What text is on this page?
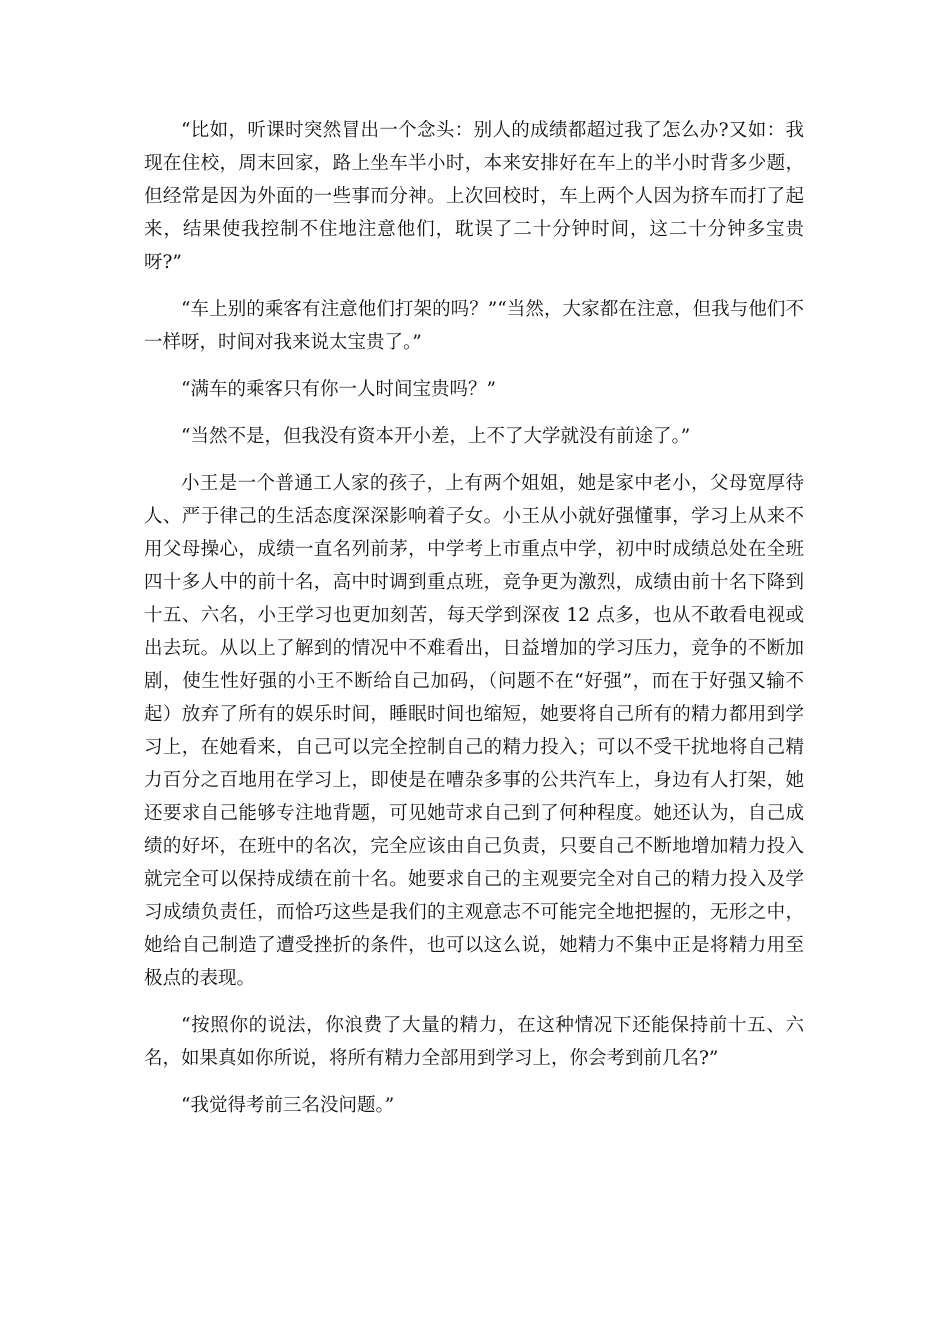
“比如，听课时突然冒出一个念头：别人的成绩都超过我了怎么办?又如：我现在住校，周末回家，路上坐车半小时，本来安排好在车上的半小时背多少题，但经常是因为外面的一些事而分神。上次回校时，车上两个人因为挤车而打了起来，结果使我控制不住地注意他们，耽误了二十分钟时间，这二十分钟多宝贵呀?”

“车上别的乘客有注意他们打架的吗？”“当然，大家都在注意，但我与他们不一样呀，时间对我来说太宝贵了。”

“满车的乘客只有你一人时间宝贵吗？”

“当然不是，但我没有资本开小差，上不了大学就没有前途了。”

小王是一个普通工人家的孩子，上有两个姐姐，她是家中老小，父母宽厚待人、严于律己的生活态度深深影响着子女。小王从小就好强懂事，学习上从来不用父母操心，成绩一直名列前茅，中学考上市重点中学，初中时成绩总处在全班四十多人中的前十名，高中时调到重点班，竞争更为激烈，成绩由前十名下降到十五、六名，小王学习也更加刻苦，每天学到深夜 12 点多，也从不敢看电视或出去玩。从以上了解到的情况中不难看出，日益增加的学习压力，竞争的不断加剧，使生性好强的小王不断给自己加码，（问题不在“好强”，而在于好强又输不起）放弃了所有的娱乐时间，睡眠时间也缩短，她要将自己所有的精力都用到学习上，在她看来，自己可以完全控制自己的精力投入；可以不受干扰地将自己精力百分之百地用在学习上，即使是在嘈杂多事的公共汽车上，身边有人打架，她还要求自己能够专注地背题，可见她苛求自己到了何种程度。她还认为，自己成绩的好坏，在班中的名次，完全应该由自己负责，只要自己不断地增加精力投入就完全可以保持成绩在前十名。她要求自己的主观要完全对自己的精力投入及学习成绩负责任，而恰巧这些是我们的主观意志不可能完全地把握的，无形之中，她给自己制造了遭受挫折的条件，也可以这么说，她精力不集中正是将精力用至极点的表现。

“按照你的说法，你浪费了大量的精力，在这种情况下还能保持前十五、六名，如果真如你所说，将所有精力全部用到学习上，你会考到前几名?”

“我觉得考前三名没问题。”
